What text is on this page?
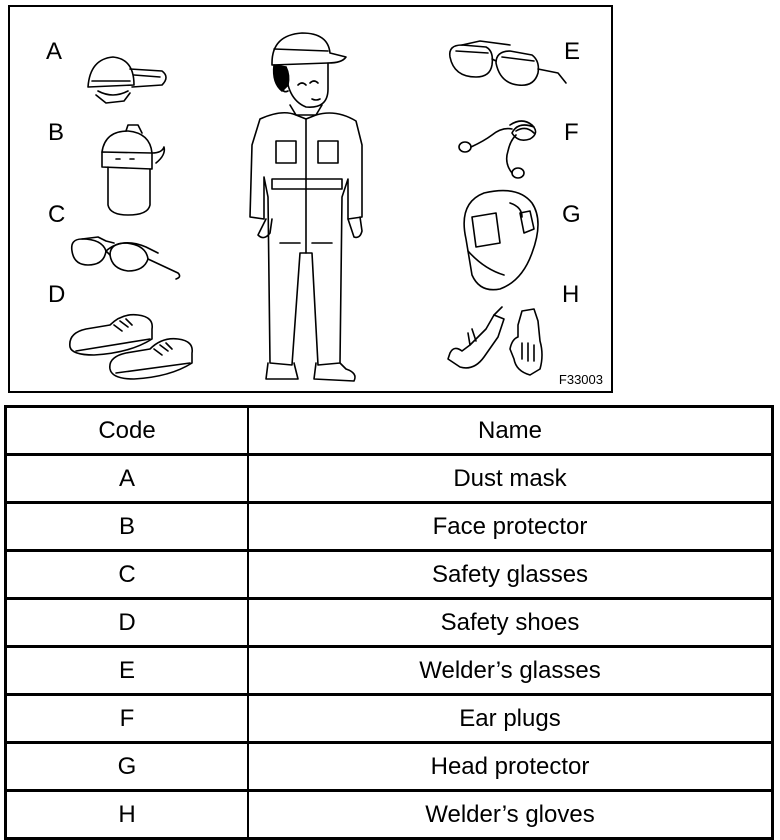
A
B
C
D
E
F
G
H
F33003
Code	Name
A	Dust mask
B	Face protector
C	Safety glasses
D	Safety shoes
E	Welder’s glasses
F	Ear plugs
G	Head protector
H	Welder’s gloves
